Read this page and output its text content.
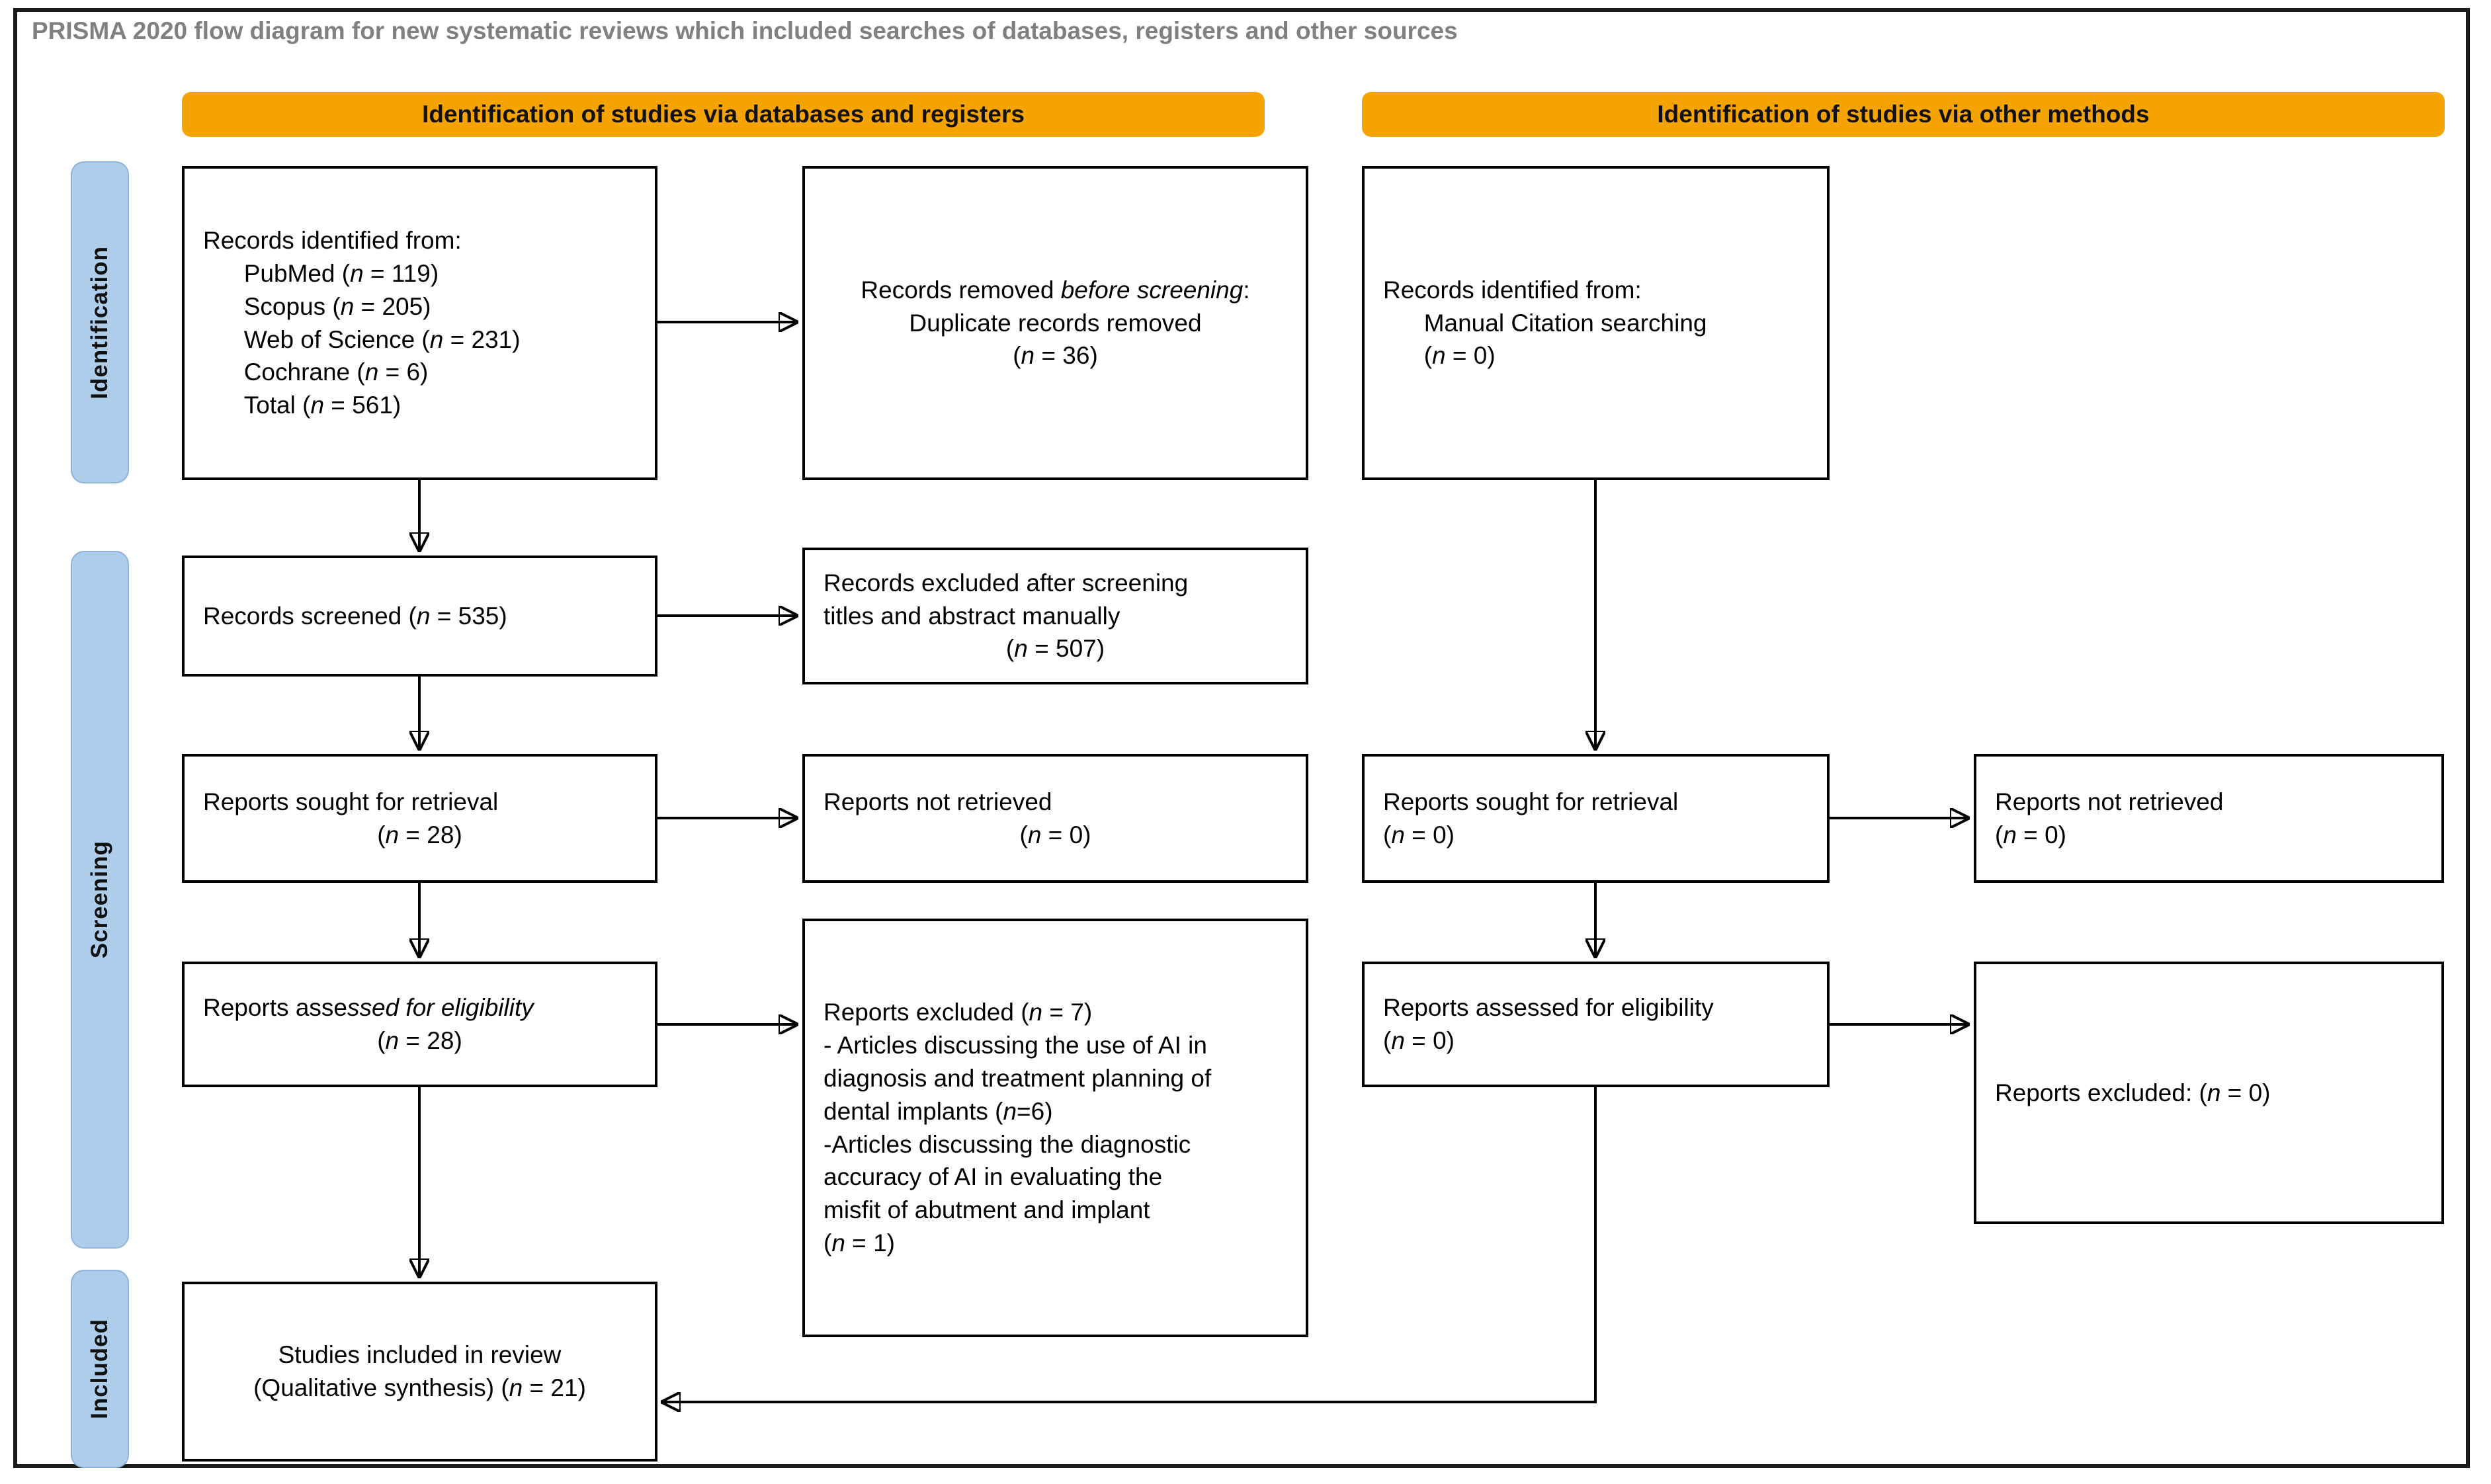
PRISMA 2020 flow diagram for new systematic reviews which included searches of databases, registers and other sources
Identification of studies via databases and registers	Identification of studies via other methods
Identification
Screening
Included
Records identified from:
PubMed (n = 119)
Scopus (n = 205)
Web of Science (n = 231)
Cochrane (n = 6)
Total (n = 561)
Records screened (n = 535)
Reports sought for retrieval
(n = 28)
Reports assessed for eligibility
(n = 28)
Studies included in review
(Qualitative synthesis) (n = 21)
Records removed before screening:
Duplicate records removed
(n = 36)
Records excluded after screening
titles and abstract manually
(n = 507)
Reports not retrieved
(n = 0)
Reports excluded (n = 7)
- Articles discussing the use of AI in
diagnosis and treatment planning of
dental implants (n=6)
-Articles discussing the diagnostic
accuracy of AI in evaluating the
misfit of abutment and implant
(n = 1)
Records identified from:
Manual Citation searching
(n = 0)
Reports sought for retrieval
(n = 0)
Reports assessed for eligibility
(n = 0)
Reports not retrieved
(n = 0)
Reports excluded: (n = 0)
